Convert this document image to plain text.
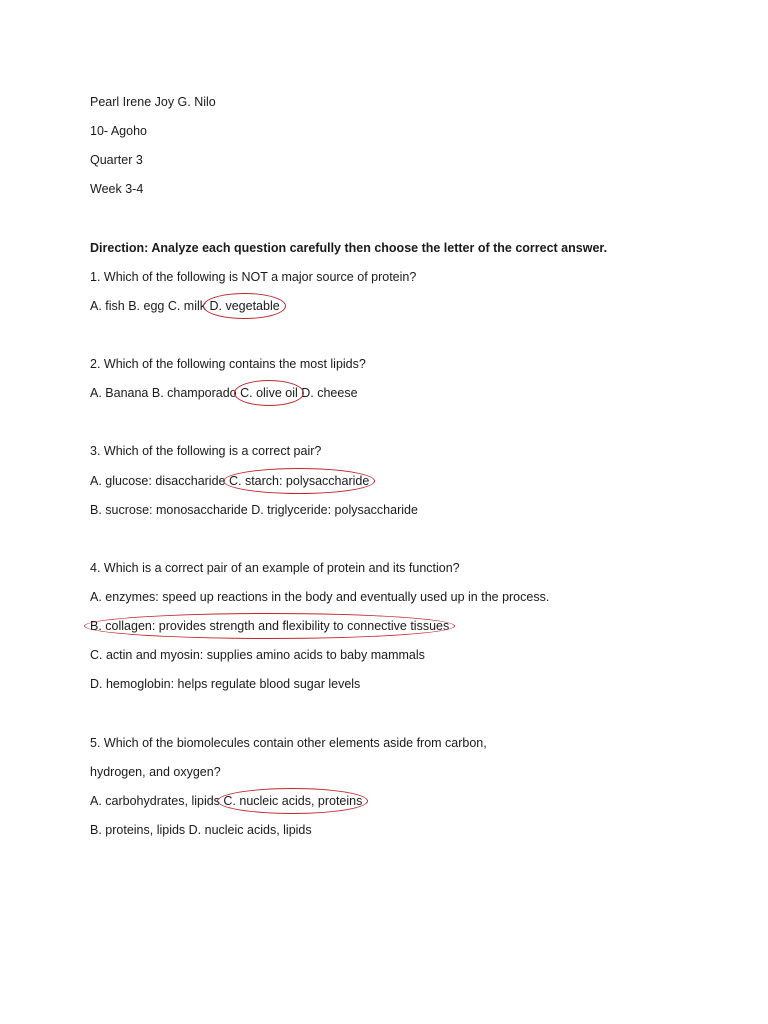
Pearl Irene Joy G. Nilo
10- Agoho
Quarter 3
Week 3-4
Direction: Analyze each question carefully then choose the letter of the correct answer.
1. Which of the following is NOT a major source of protein?
A. fish B. egg C. milk D. vegetable
2. Which of the following contains the most lipids?
A. Banana B. champorado C. olive oil D. cheese
3. Which of the following is a correct pair?
A. glucose: disaccharide C. starch: polysaccharide
B. sucrose: monosaccharide D. triglyceride: polysaccharide
4. Which is a correct pair of an example of protein and its function?
A. enzymes: speed up reactions in the body and eventually used up in the process.
B. collagen: provides strength and flexibility to connective tissues
C. actin and myosin: supplies amino acids to baby mammals
D. hemoglobin: helps regulate blood sugar levels
5. Which of the biomolecules contain other elements aside from carbon,
hydrogen, and oxygen?
A. carbohydrates, lipids C. nucleic acids, proteins
B. proteins, lipids D. nucleic acids, lipids
